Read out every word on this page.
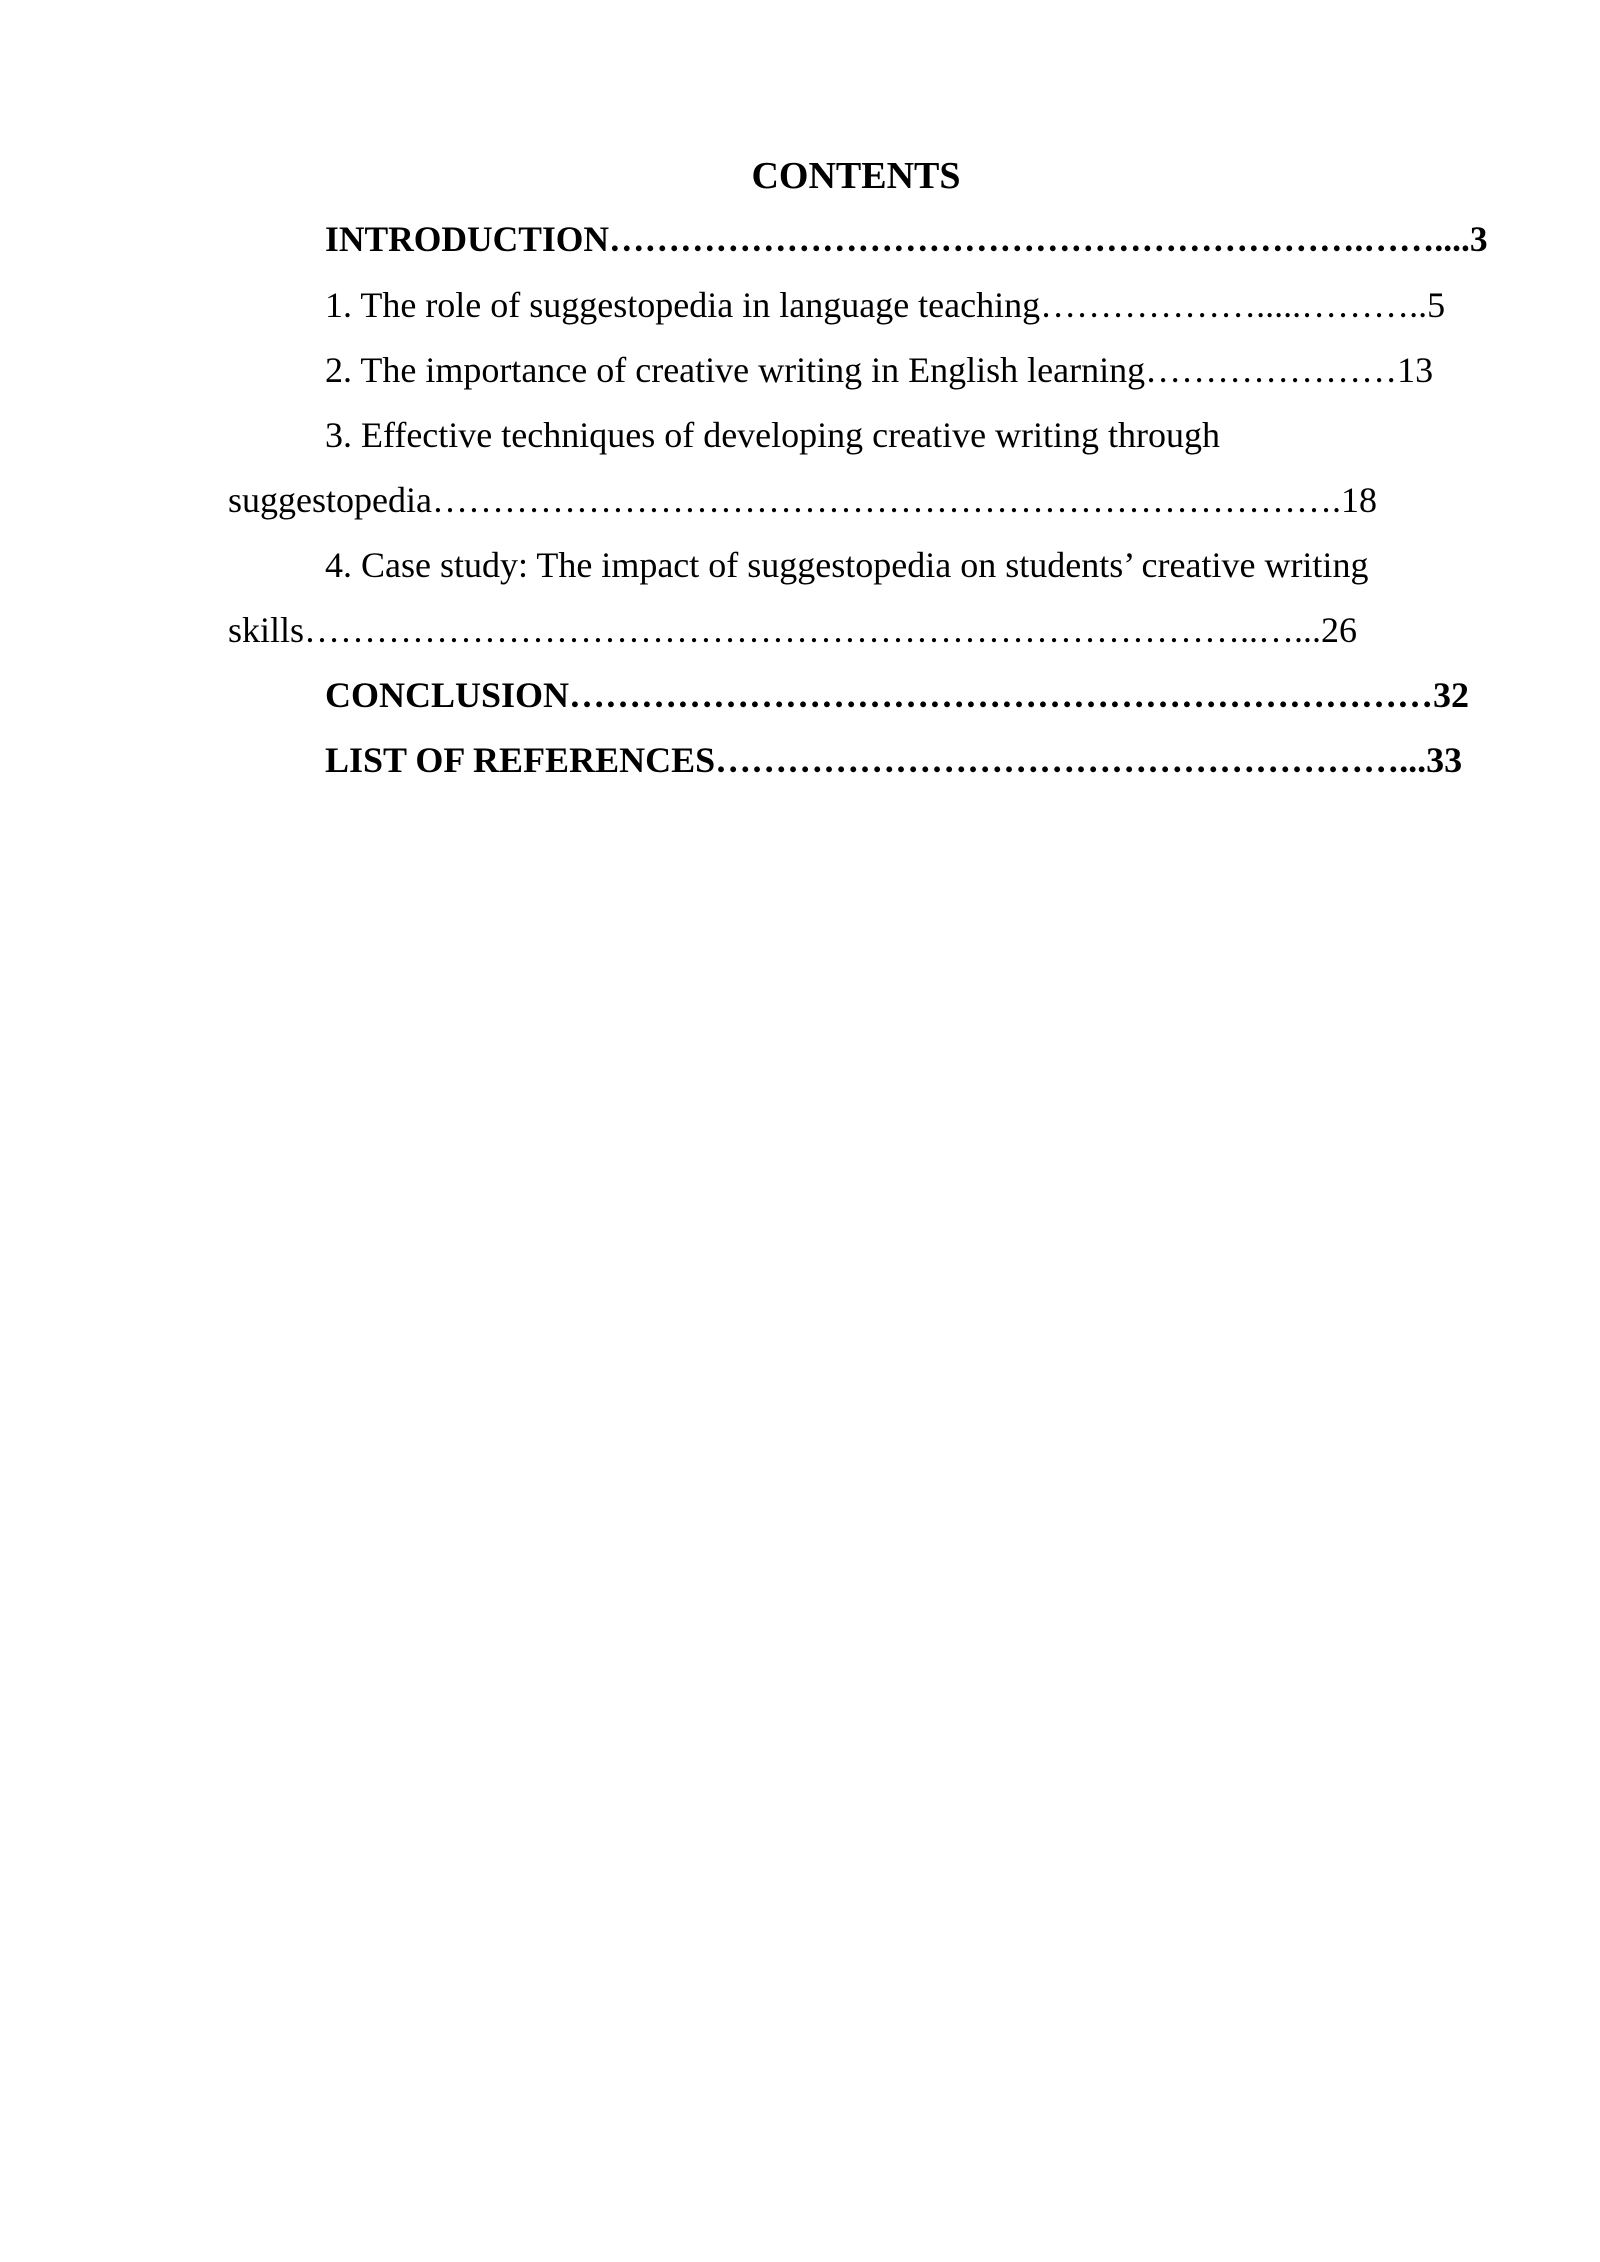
CONTENTS

INTRODUCTION……………………………………………………….……....3

1. The role of suggestopedia in language teaching……………….....………..5

2. The importance of creative writing in English learning…………………13

3. Effective techniques of developing creative writing through

suggestopedia………………………………………………………………….18

4. Case study: The impact of suggestopedia on students’ creative writing

skills……………………………………………………………………..…...26

CONCLUSION………………………………………………………………32

LIST OF REFERENCES…………………………………………………...33
